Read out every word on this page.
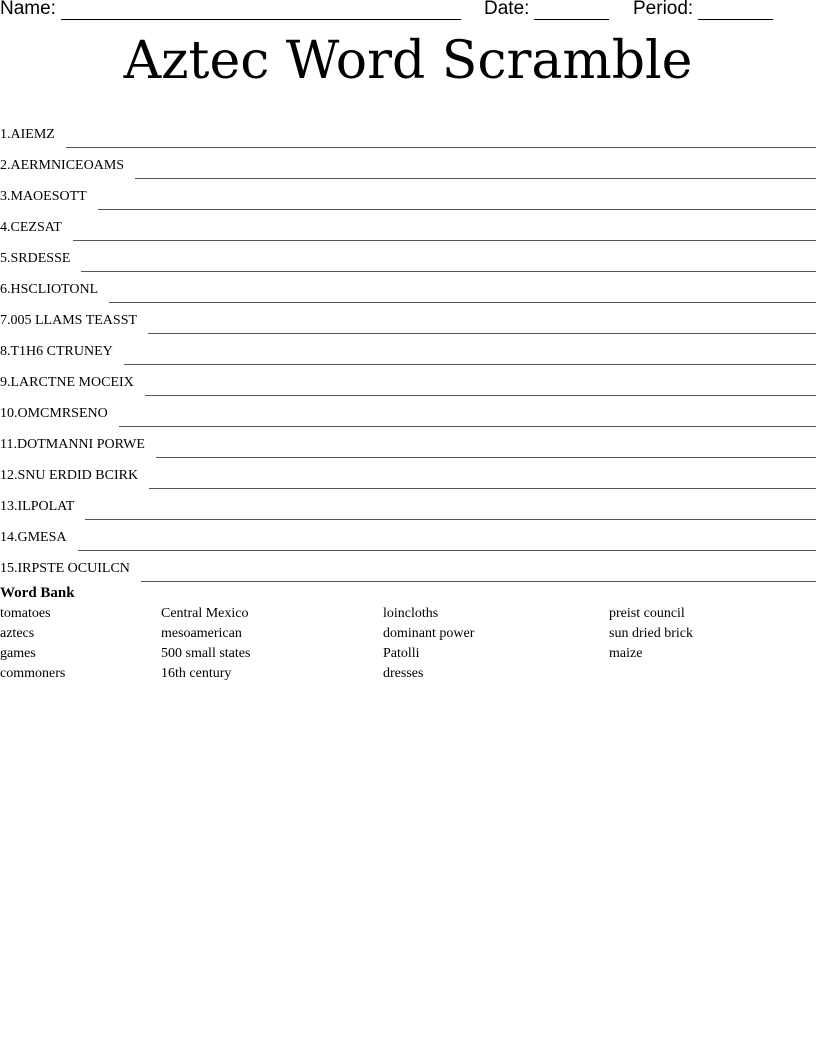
Name:	Date:	Period:
Aztec Word Scramble
1. AIEMZ
2. AERMNICEOAMS
3. MAOESOTT
4. CEZSAT
5. SRDESSE
6. HSCLIOTONL
7. 005 LLAMS TEASST
8. T1H6 CTRUNEY
9. LARCTNE MOCEIX
10. OMCMRSENO
11. DOTMANNI PORWE
12. SNU ERDID BCIRK
13. ILPOLAT
14. GMESA
15. IRPSTE OCUILCN
Word Bank
tomatoes
aztecs
games
commoners
Central Mexico
mesoamerican
500 small states
16th century
loincloths
dominant power
Patolli
dresses
preist council
sun dried brick
maize
